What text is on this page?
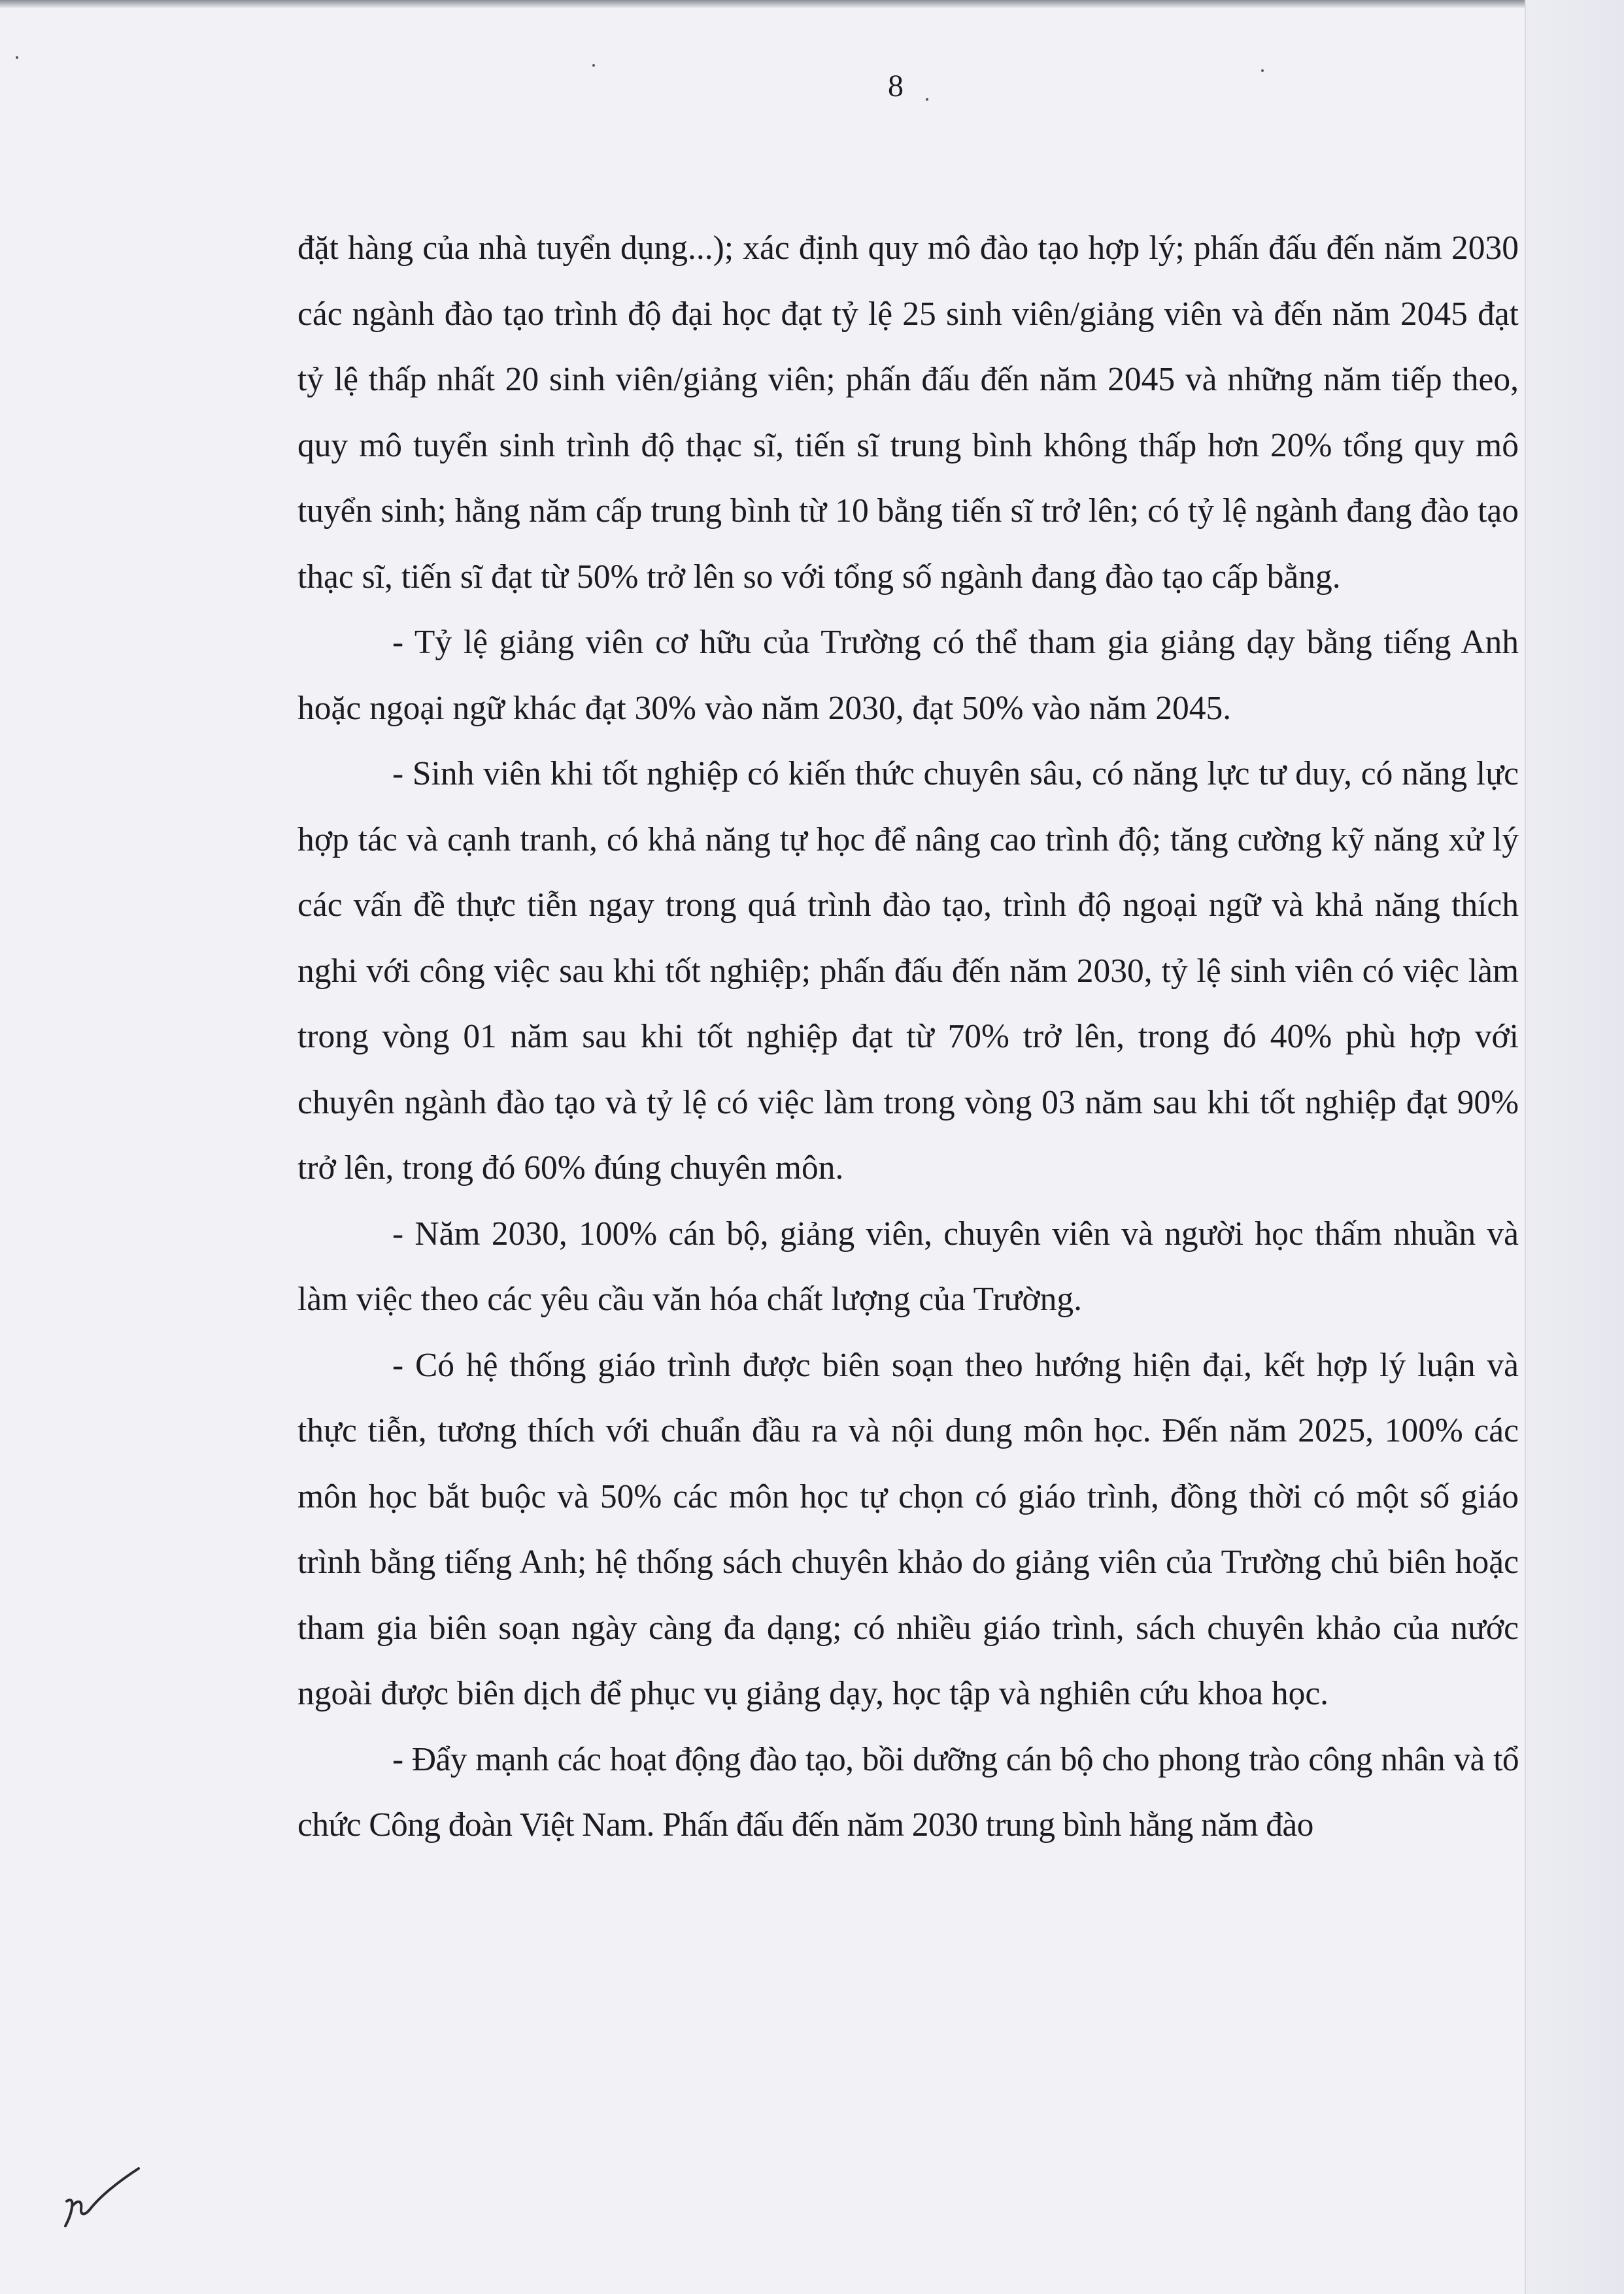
8

đặt hàng của nhà tuyển dụng...); xác định quy mô đào tạo hợp lý; phấn đấu đến năm 2030 các ngành đào tạo trình độ đại học đạt tỷ lệ 25 sinh viên/giảng viên và đến năm 2045 đạt tỷ lệ thấp nhất 20 sinh viên/giảng viên; phấn đấu đến năm 2045 và những năm tiếp theo, quy mô tuyển sinh trình độ thạc sĩ, tiến sĩ trung bình không thấp hơn 20% tổng quy mô tuyển sinh; hằng năm cấp trung bình từ 10 bằng tiến sĩ trở lên; có tỷ lệ ngành đang đào tạo thạc sĩ, tiến sĩ đạt từ 50% trở lên so với tổng số ngành đang đào tạo cấp bằng.

- Tỷ lệ giảng viên cơ hữu của Trường có thể tham gia giảng dạy bằng tiếng Anh hoặc ngoại ngữ khác đạt 30% vào năm 2030, đạt 50% vào năm 2045.

- Sinh viên khi tốt nghiệp có kiến thức chuyên sâu, có năng lực tư duy, có năng lực hợp tác và cạnh tranh, có khả năng tự học để nâng cao trình độ; tăng cường kỹ năng xử lý các vấn đề thực tiễn ngay trong quá trình đào tạo, trình độ ngoại ngữ và khả năng thích nghi với công việc sau khi tốt nghiệp; phấn đấu đến năm 2030, tỷ lệ sinh viên có việc làm trong vòng 01 năm sau khi tốt nghiệp đạt từ 70% trở lên, trong đó 40% phù hợp với chuyên ngành đào tạo và tỷ lệ có việc làm trong vòng 03 năm sau khi tốt nghiệp đạt 90% trở lên, trong đó 60% đúng chuyên môn.

- Năm 2030, 100% cán bộ, giảng viên, chuyên viên và người học thấm nhuần và làm việc theo các yêu cầu văn hóa chất lượng của Trường.

- Có hệ thống giáo trình được biên soạn theo hướng hiện đại, kết hợp lý luận và thực tiễn, tương thích với chuẩn đầu ra và nội dung môn học. Đến năm 2025, 100% các môn học bắt buộc và 50% các môn học tự chọn có giáo trình, đồng thời có một số giáo trình bằng tiếng Anh; hệ thống sách chuyên khảo do giảng viên của Trường chủ biên hoặc tham gia biên soạn ngày càng đa dạng; có nhiều giáo trình, sách chuyên khảo của nước ngoài được biên dịch để phục vụ giảng dạy, học tập và nghiên cứu khoa học.

- Đẩy mạnh các hoạt động đào tạo, bồi dưỡng cán bộ cho phong trào công nhân và tổ chức Công đoàn Việt Nam. Phấn đấu đến năm 2030 trung bình hằng năm đào
